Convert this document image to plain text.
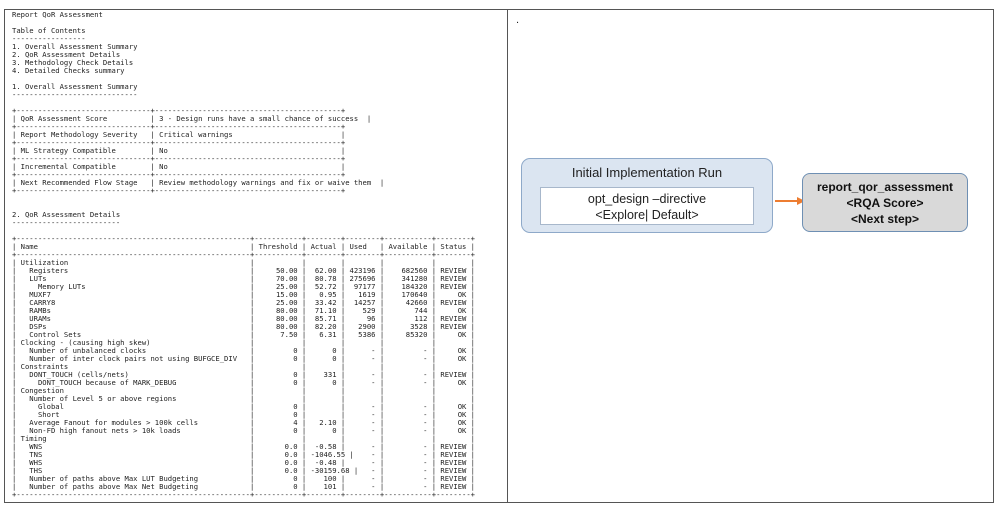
Report QoR Assessment
Table of Contents
-----------------
1. Overall Assessment Summary
2. QoR Assessment Details
3. Methodology Check Details
4. Detailed Checks summary
1. Overall Assessment Summary
-----------------------------
+-------------------------------+-------------------------------------------+
| QoR Assessment Score          | 3 - Design runs have a small chance of success  |
+-------------------------------+-------------------------------------------+
| Report Methodology Severity   | Critical warnings                         |
+-------------------------------+-------------------------------------------+
| ML Strategy Compatible        | No                                        |
+-------------------------------+-------------------------------------------+
| Incremental Compatible        | No                                        |
+-------------------------------+-------------------------------------------+
| Next Recommended Flow Stage   | Review methodology warnings and fix or waive them  |
+-------------------------------+-------------------------------------------+
2. QoR Assessment Details
-------------------------
+------------------------------------------------------+-----------+--------+--------+-----------+--------+
| Name                                                 | Threshold | Actual | Used   | Available | Status |
+------------------------------------------------------+-----------+--------+--------+-----------+--------+
| Utilization                                          |           |        |        |           |        |
|   Registers                                          |     50.00 |  62.00 | 423196 |    682560 | REVIEW |
|   LUTs                                               |     70.00 |  80.78 | 275696 |    341280 | REVIEW |
|     Memory LUTs                                      |     25.00 |  52.72 |  97177 |    184320 | REVIEW |
|   MUXF7                                              |     15.00 |   0.95 |   1619 |    170640 |     OK |
|   CARRY8                                             |     25.00 |  33.42 |  14257 |     42660 | REVIEW |
|   RAMBs                                              |     80.00 |  71.10 |    529 |       744 |     OK |
|   URAMs                                              |     80.00 |  85.71 |     96 |       112 | REVIEW |
|   DSPs                                               |     80.00 |  82.20 |   2900 |      3528 | REVIEW |
|   Control Sets                                       |      7.50 |   6.31 |   5386 |     85320 |     OK |
| Clocking - (causing high skew)                       |           |        |        |           |        |
|   Number of unbalanced clocks                        |         0 |      0 |      - |         - |     OK |
|   Number of inter clock pairs not using BUFGCE_DIV   |         0 |      0 |      - |         - |     OK |
| Constraints                                          |           |        |        |           |        |
|   DONT_TOUCH (cells/nets)                            |         0 |    331 |      - |         - | REVIEW |
|     DONT_TOUCH because of MARK_DEBUG                 |         0 |      0 |      - |         - |     OK |
| Congestion                                           |           |        |        |           |        |
|   Number of Level 5 or above regions                 |           |        |        |           |        |
|     Global                                           |         0 |        |      - |         - |     OK |
|     Short                                            |         0 |        |      - |         - |     OK |
|   Average Fanout for modules > 100k cells            |         4 |   2.10 |      - |         - |     OK |
|   Non-FD high fanout nets > 10k loads                |         0 |      0 |      - |         - |     OK |
| Timing                                               |           |        |        |           |        |
|   WNS                                                |       0.0 |  -0.58 |      - |         - | REVIEW |
|   TNS                                                |       0.0 | -1046.55 |    - |         - | REVIEW |
|   WHS                                                |       0.0 |  -0.48 |      - |         - | REVIEW |
|   THS                                                |       0.0 | -30159.68 |   - |         - | REVIEW |
|   Number of paths above Max LUT Budgeting            |         0 |    100 |      - |         - | REVIEW |
|   Number of paths above Max Net Budgeting            |         0 |    101 |      - |         - | REVIEW |
+------------------------------------------------------+-----------+--------+--------+-----------+--------+
.
Initial Implementation Run
opt_design –directive
<Explore| Default>
report_qor_assessment
<RQA Score>
<Next step>
